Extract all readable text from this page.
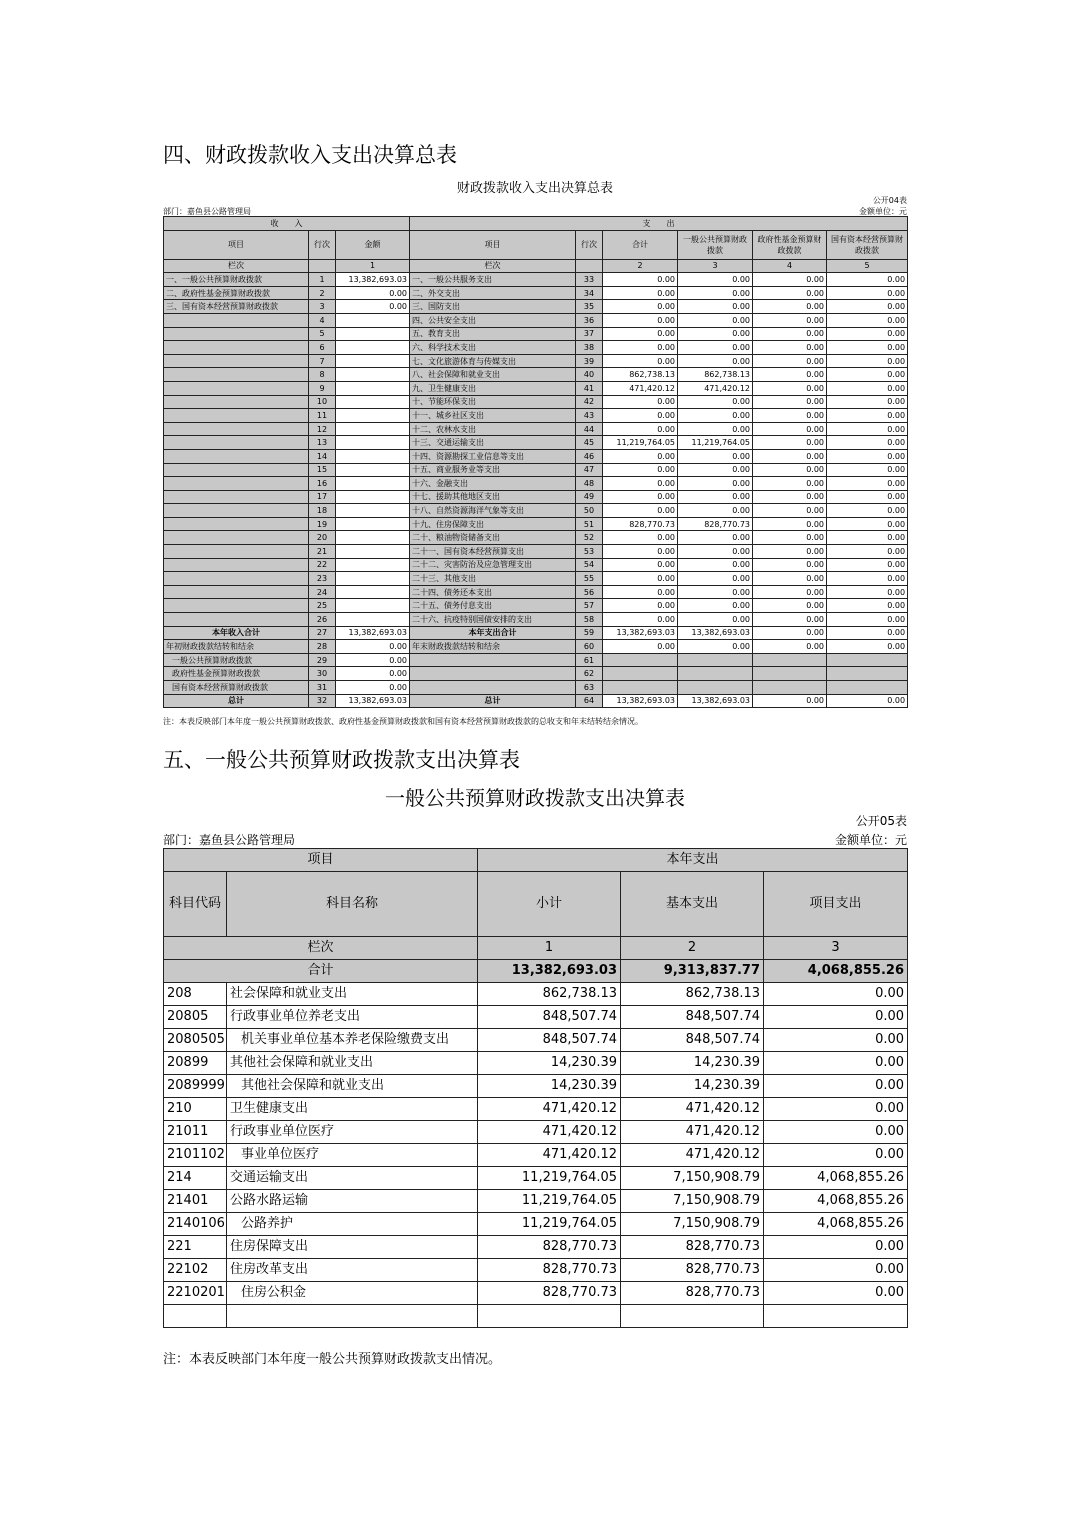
四、财政拨款收入支出决算总表
财政拨款收入支出决算总表
公开04表
部门：嘉鱼县公路管理局	金额单位：元
收　　入			支　　出					
项目	行次	金额	项目	行次	合计	一般公共预算财政拨款	政府性基金预算财政拨款	国有资本经营预算财政拨款
栏次		1	栏次		2	3	4	5
一、一般公共预算财政拨款	1	13,382,693.03	一、一般公共服务支出	33	0.00	0.00	0.00	0.00
二、政府性基金预算财政拨款	2	0.00	二、外交支出	34	0.00	0.00	0.00	0.00
三、国有资本经营预算财政拨款	3	0.00	三、国防支出	35	0.00	0.00	0.00	0.00
	4		四、公共安全支出	36	0.00	0.00	0.00	0.00
	5		五、教育支出	37	0.00	0.00	0.00	0.00
	6		六、科学技术支出	38	0.00	0.00	0.00	0.00
	7		七、文化旅游体育与传媒支出	39	0.00	0.00	0.00	0.00
	8		八、社会保障和就业支出	40	862,738.13	862,738.13	0.00	0.00
	9		九、卫生健康支出	41	471,420.12	471,420.12	0.00	0.00
	10		十、节能环保支出	42	0.00	0.00	0.00	0.00
	11		十一、城乡社区支出	43	0.00	0.00	0.00	0.00
	12		十二、农林水支出	44	0.00	0.00	0.00	0.00
	13		十三、交通运输支出	45	11,219,764.05	11,219,764.05	0.00	0.00
	14		十四、资源勘探工业信息等支出	46	0.00	0.00	0.00	0.00
	15		十五、商业服务业等支出	47	0.00	0.00	0.00	0.00
	16		十六、金融支出	48	0.00	0.00	0.00	0.00
	17		十七、援助其他地区支出	49	0.00	0.00	0.00	0.00
	18		十八、自然资源海洋气象等支出	50	0.00	0.00	0.00	0.00
	19		十九、住房保障支出	51	828,770.73	828,770.73	0.00	0.00
	20		二十、粮油物资储备支出	52	0.00	0.00	0.00	0.00
	21		二十一、国有资本经营预算支出	53	0.00	0.00	0.00	0.00
	22		二十二、灾害防治及应急管理支出	54	0.00	0.00	0.00	0.00
	23		二十三、其他支出	55	0.00	0.00	0.00	0.00
	24		二十四、债务还本支出	56	0.00	0.00	0.00	0.00
	25		二十五、债务付息支出	57	0.00	0.00	0.00	0.00
	26		二十六、抗疫特别国债安排的支出	58	0.00	0.00	0.00	0.00
本年收入合计	27	13,382,693.03	本年支出合计	59	13,382,693.03	13,382,693.03	0.00	0.00
年初财政拨款结转和结余	28	0.00	年末财政拨款结转和结余	60	0.00	0.00	0.00	0.00
一般公共预算财政拨款	29	0.00		61				
政府性基金预算财政拨款	30	0.00		62				
国有资本经营预算财政拨款	31	0.00		63				
总计	32	13,382,693.03	总计	64	13,382,693.03	13,382,693.03	0.00	0.00
注：本表反映部门本年度一般公共预算财政拨款、政府性基金预算财政拨款和国有资本经营预算财政拨款的总收支和年末结转结余情况。
五、一般公共预算财政拨款支出决算表
一般公共预算财政拨款支出决算表
公开05表
部门：嘉鱼县公路管理局	金额单位：元
项目		本年支出		
科目代码	科目名称	小计	基本支出	项目支出
栏次		1	2	3
合计		13,382,693.03	9,313,837.77	4,068,855.26
208	社会保障和就业支出	862,738.13	862,738.13	0.00
20805	行政事业单位养老支出	848,507.74	848,507.74	0.00
2080505	机关事业单位基本养老保险缴费支出	848,507.74	848,507.74	0.00
20899	其他社会保障和就业支出	14,230.39	14,230.39	0.00
2089999	其他社会保障和就业支出	14,230.39	14,230.39	0.00
210	卫生健康支出	471,420.12	471,420.12	0.00
21011	行政事业单位医疗	471,420.12	471,420.12	0.00
2101102	事业单位医疗	471,420.12	471,420.12	0.00
214	交通运输支出	11,219,764.05	7,150,908.79	4,068,855.26
21401	公路水路运输	11,219,764.05	7,150,908.79	4,068,855.26
2140106	公路养护	11,219,764.05	7,150,908.79	4,068,855.26
221	住房保障支出	828,770.73	828,770.73	0.00
22102	住房改革支出	828,770.73	828,770.73	0.00
2210201	住房公积金	828,770.73	828,770.73	0.00

注：本表反映部门本年度一般公共预算财政拨款支出情况。
